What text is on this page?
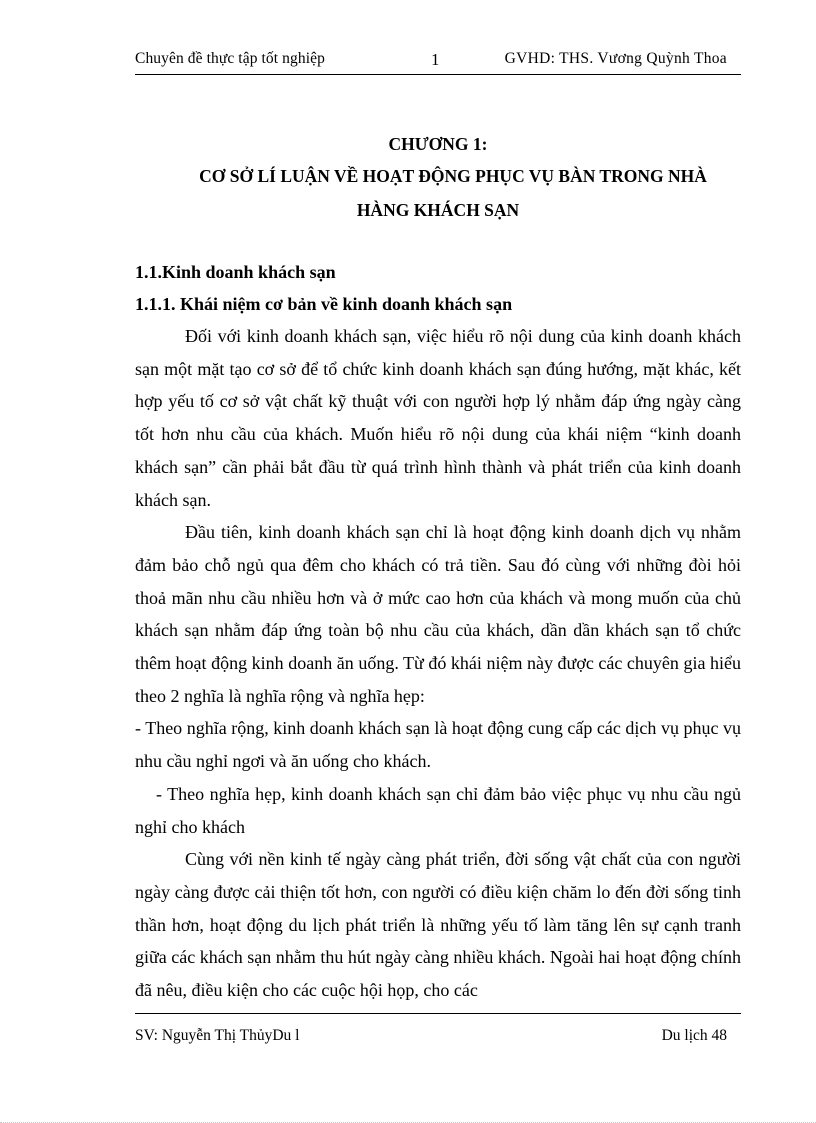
Chuyên đề thực tập tốt nghiệp	1	GVHD: THS. Vương Quỳnh Thoa
CHƯƠNG 1:
CƠ SỞ LÍ LUẬN VỀ HOẠT ĐỘNG PHỤC VỤ BÀN TRONG NHÀ
HÀNG KHÁCH SẠN
1.1.Kinh doanh khách sạn
1.1.1. Khái niệm cơ bản về kinh doanh khách sạn

Đối với kinh doanh khách sạn, việc hiểu rõ nội dung của kinh doanh khách sạn một mặt tạo cơ sở để tổ chức kinh doanh khách sạn đúng hướng, mặt khác, kết hợp yếu tố cơ sở vật chất kỹ thuật với con người hợp lý nhằm đáp ứng ngày càng tốt hơn nhu cầu của khách. Muốn hiểu rõ nội dung của khái niệm “kinh doanh khách sạn” cần phải bắt đầu từ quá trình hình thành và phát triển của kinh doanh khách sạn.

Đầu tiên, kinh doanh khách sạn chỉ là hoạt động kinh doanh dịch vụ nhằm đảm bảo chỗ ngủ qua đêm cho khách có trả tiền. Sau đó cùng với những đòi hỏi thoả mãn nhu cầu nhiều hơn và ở mức cao hơn của khách và mong muốn của chủ khách sạn nhằm đáp ứng toàn bộ nhu cầu của khách, dần dần khách sạn tổ chức thêm hoạt động kinh doanh ăn uống. Từ đó khái niệm này được các chuyên gia hiểu theo 2 nghĩa là nghĩa rộng và nghĩa hẹp:

- Theo nghĩa rộng, kinh doanh khách sạn là hoạt động cung cấp các dịch vụ phục vụ nhu cầu nghỉ ngơi và ăn uống cho khách.

- Theo nghĩa hẹp, kinh doanh khách sạn chỉ đảm bảo việc phục vụ nhu cầu ngủ nghỉ cho khách

Cùng với nền kinh tế ngày càng phát triển, đời sống vật chất của con người ngày càng được cải thiện tốt hơn, con người có điều kiện chăm lo đến đời sống tinh thần hơn, hoạt động du lịch phát triển là những yếu tố làm tăng lên sự cạnh tranh giữa các khách sạn nhằm thu hút ngày càng nhiều khách. Ngoài hai hoạt động chính đã nêu, điều kiện cho các cuộc hội họp, cho các

SV: Nguyễn Thị ThủyDu l	Du lịch 48
